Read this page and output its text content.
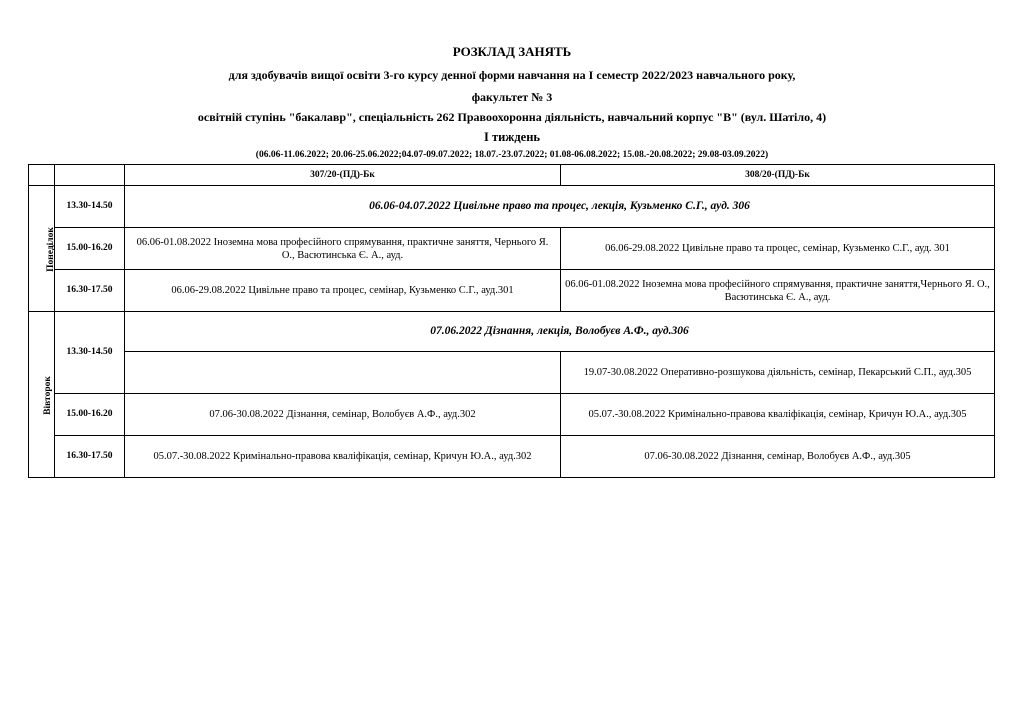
РОЗКЛАД ЗАНЯТЬ
для здобувачів вищої освіти 3-го курсу денної форми навчання на І семестр 2022/2023 навчального року,
факультет № 3
освітній ступінь "бакалавр", спеціальність 262 Правоохоронна діяльність, навчальний корпус "В" (вул. Шатіло, 4)
І тиждень
(06.06-11.06.2022; 20.06-25.06.2022;04.07-09.07.2022; 18.07.-23.07.2022; 01.08-06.08.2022; 15.08.-20.08.2022; 29.08-03.09.2022)
		307/20-(ПД)-Бк	308/20-(ПД)-Бк
Понеділок	13.30-14.50	06.06-04.07.2022 Цивільне право та процес, лекція, Кузьменко С.Г., ауд. 306	
	15.00-16.20	06.06-01.08.2022 Іноземна мова професійного спрямування, практичне заняття, Чернього Я. О., Васютинська Є. А., ауд.	06.06-29.08.2022 Цивільне право та процес, семінар, Кузьменко С.Г., ауд. 301
	16.30-17.50	06.06-29.08.2022 Цивільне право та процес, семінар, Кузьменко С.Г., ауд.301	06.06-01.08.2022 Іноземна мова професійного спрямування, практичне заняття,Чернього Я. О., Васютинська Є. А., ауд.
Вівторок	13.30-14.50	07.06.2022 Дізнання, лекція, Волобуєв А.Ф., ауд.306	
			19.07-30.08.2022 Оперативно-розшукова діяльність, семінар, Пекарський С.П., ауд.305
	15.00-16.20	07.06-30.08.2022 Дізнання, семінар, Волобуєв А.Ф., ауд.302	05.07.-30.08.2022 Кримінально-правова кваліфікація, семінар, Кричун Ю.А., ауд.305
	16.30-17.50	05.07.-30.08.2022 Кримінально-правова кваліфікація, семінар, Кричун Ю.А., ауд.302	07.06-30.08.2022 Дізнання, семінар, Волобуєв А.Ф., ауд.305
